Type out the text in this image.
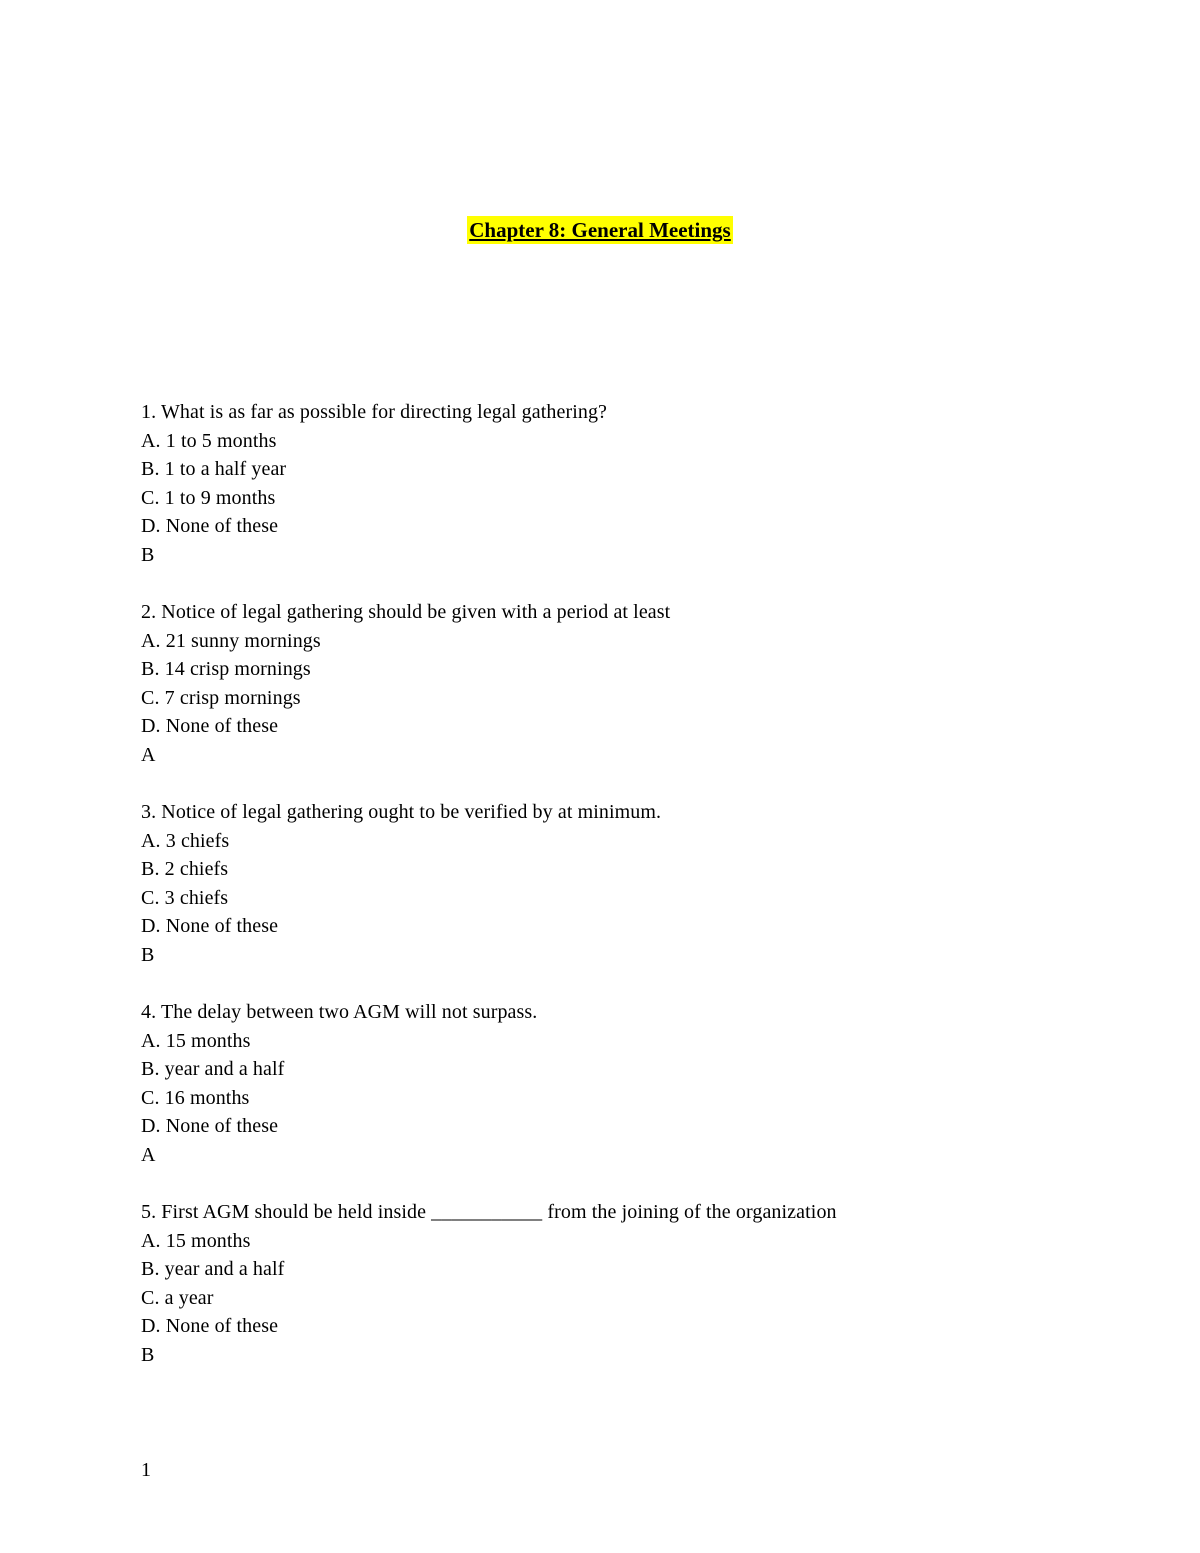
Chapter 8: General Meetings
1. What is as far as possible for directing legal gathering?
A. 1 to 5 months
B. 1 to a half year
C. 1 to 9 months
D. None of these
B
2. Notice of legal gathering should be given with a period at least
A. 21 sunny mornings
B. 14 crisp mornings
C. 7 crisp mornings
D. None of these
A
3. Notice of legal gathering ought to be verified by at minimum.
A. 3 chiefs
B. 2 chiefs
C. 3 chiefs
D. None of these
B
4. The delay between two AGM will not surpass.
A. 15 months
B. year and a half
C. 16 months
D. None of these
A
5. First AGM should be held inside ___________ from the joining of the organization
A. 15 months
B. year and a half
C. a year
D. None of these
B
1
